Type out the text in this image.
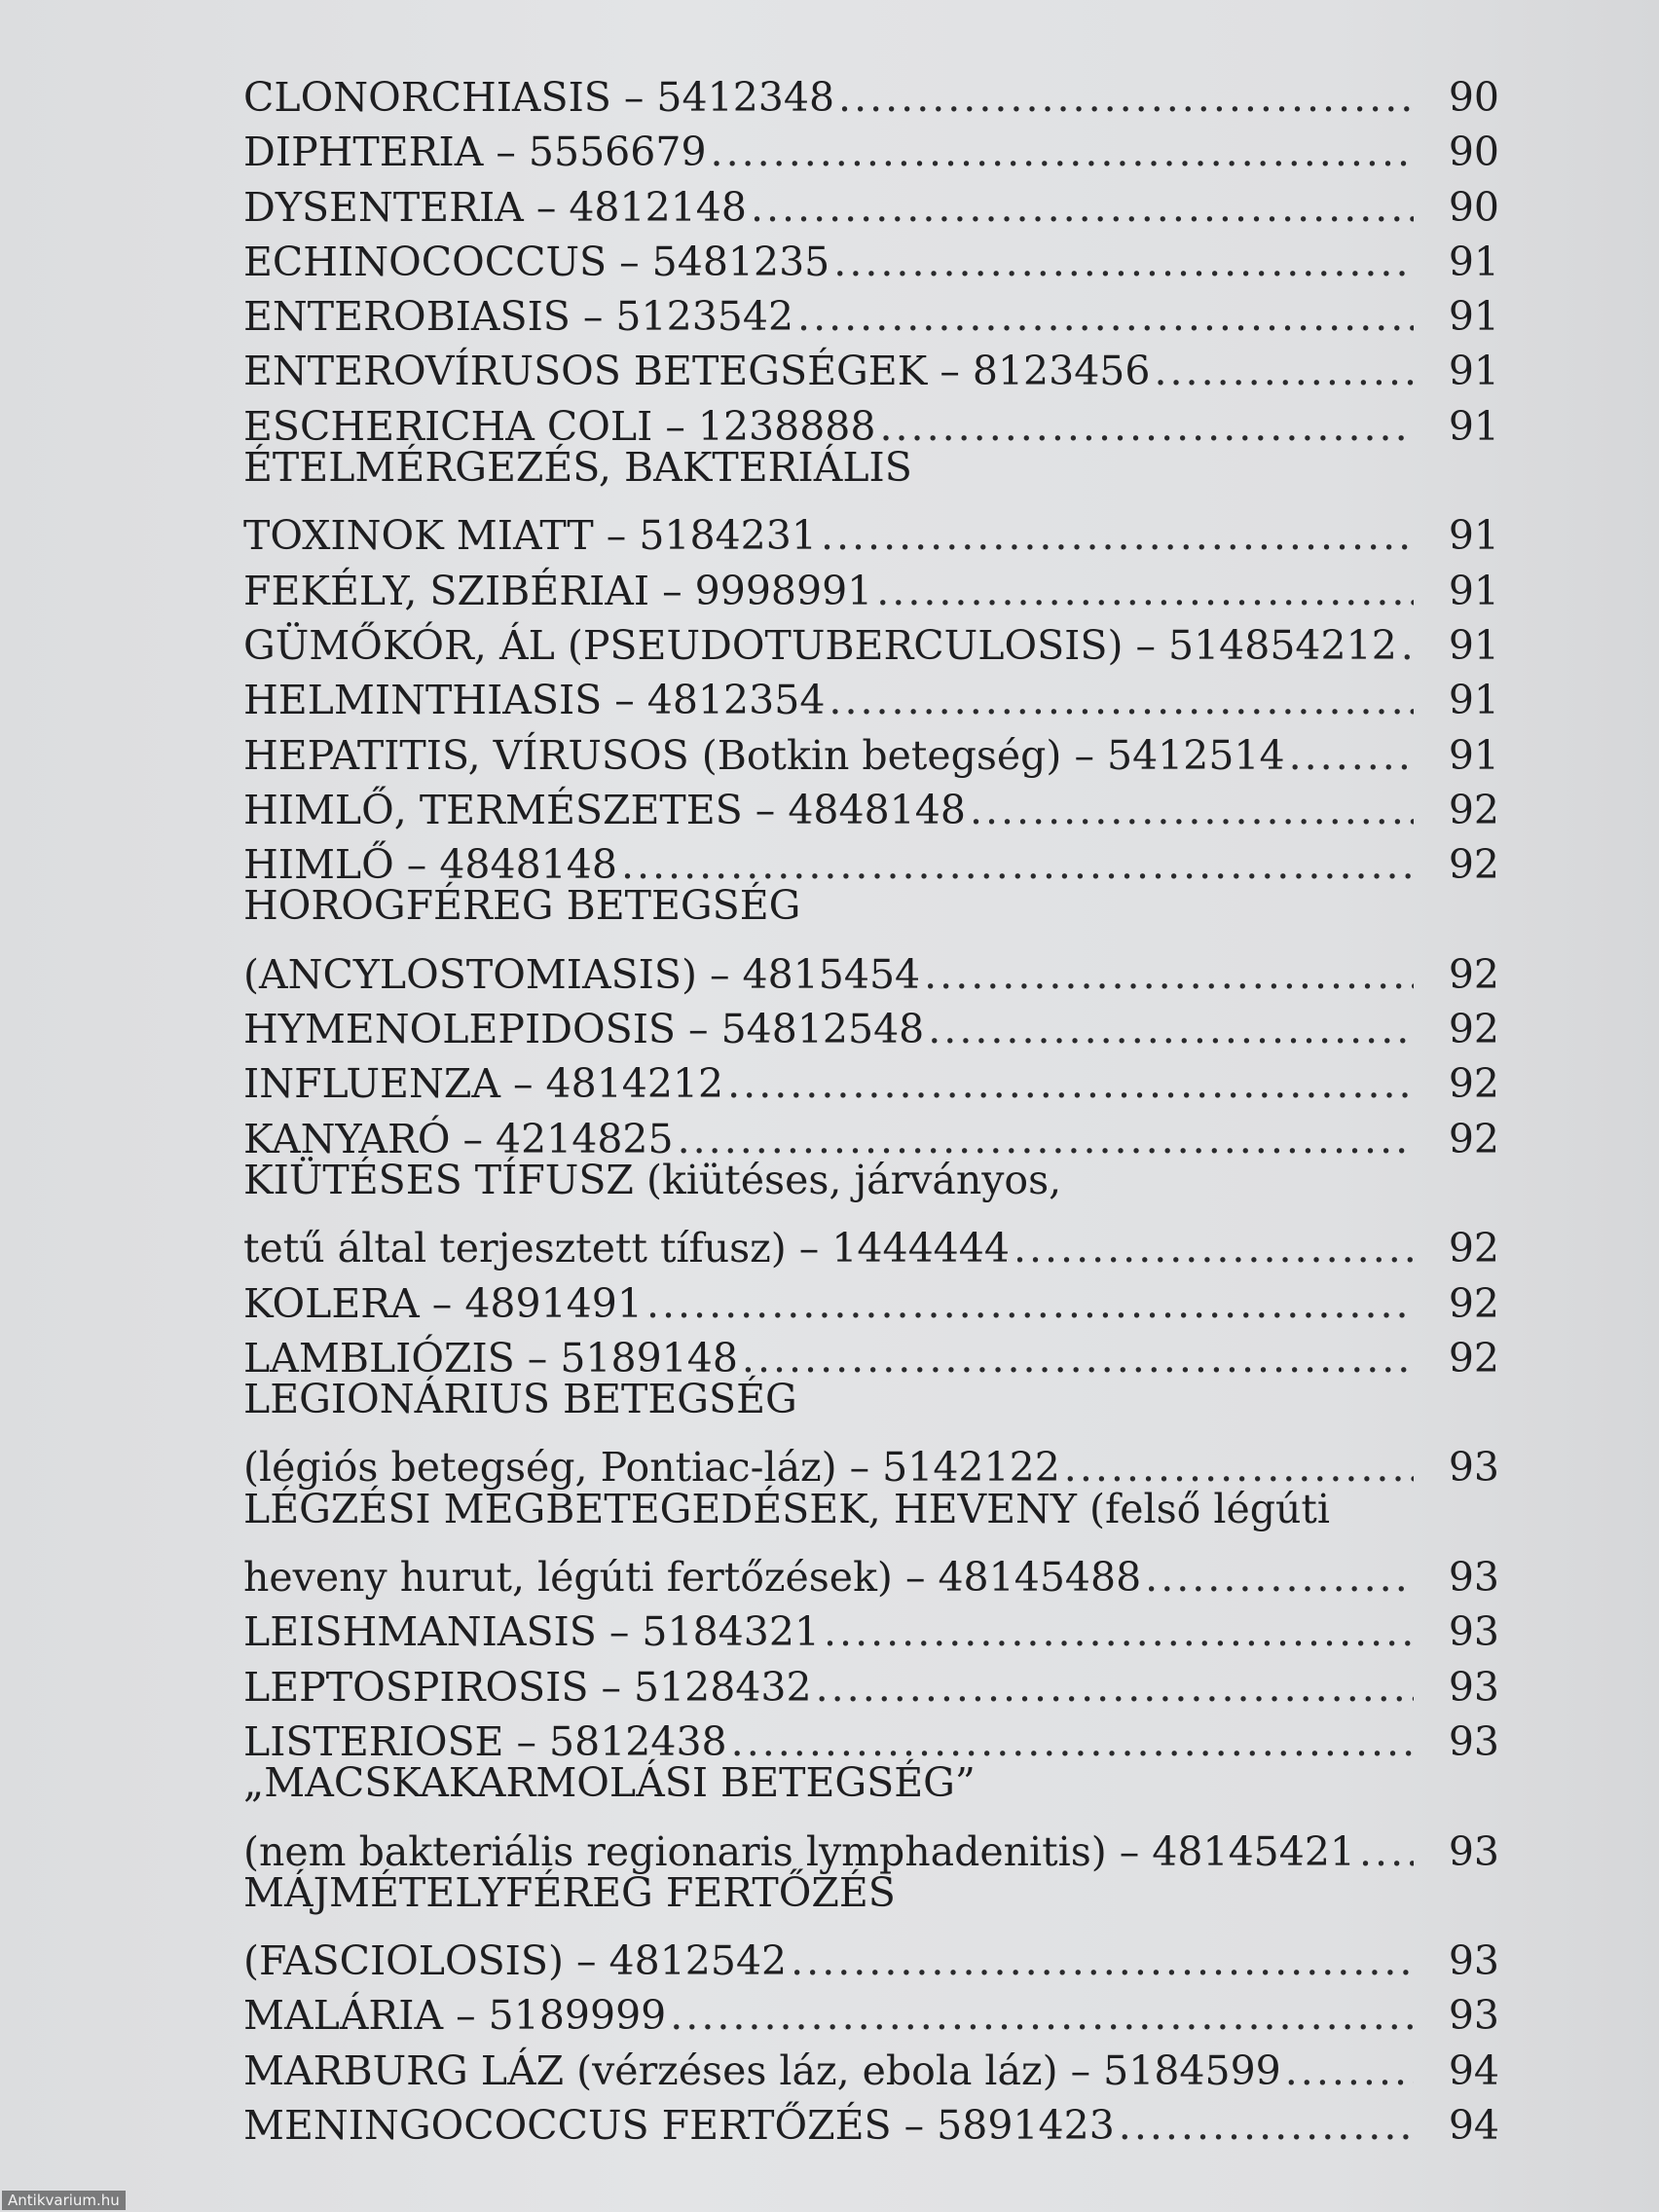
CLONORCHIASIS – 5412348 .....	90
DIPHTERIA – 5556679 .....	90
DYSENTERIA – 4812148 .....	90
ECHINOCOCCUS – 5481235 .....	91
ENTEROBIASIS – 5123542 .....	91
ENTEROVÍRUSOS BETEGSÉGEK – 8123456 .....	91
ESCHERICHA COLI – 1238888 .....	91
ÉTELMÉRGEZÉS, BAKTERIÁLIS
TOXINOK MIATT – 5184231 .....	91
FEKÉLY, SZIBÉRIAI – 9998991 .....	91
GÜMŐKÓR, ÁL (PSEUDOTUBERCULOSIS) – 514854212 .....	91
HELMINTHIASIS – 4812354 .....	91
HEPATITIS, VÍRUSOS (Botkin betegség) – 5412514 .....	91
HIMLŐ, TERMÉSZETES – 4848148 .....	92
HIMLŐ – 4848148 .....	92
HOROGFÉREG BETEGSÉG
(ANCYLOSTOMIASIS) – 4815454 .....	92
HYMENOLEPIDOSIS – 54812548 .....	92
INFLUENZA – 4814212 .....	92
KANYARÓ – 4214825 .....	92
KIÜTÉSES TÍFUSZ (kiütéses, járványos,
tetű által terjesztett tífusz) – 1444444 .....	92
KOLERA – 4891491 .....	92
LAMBLIÓZIS – 5189148 .....	92
LEGIONÁRIUS BETEGSÉG
(légiós betegség, Pontiac-láz) – 5142122 .....	93
LÉGZÉSI MEGBETEGEDÉSEK, HEVENY (felső légúti
heveny hurut, légúti fertőzések) – 48145488 .....	93
LEISHMANIASIS – 5184321 .....	93
LEPTOSPIROSIS – 5128432 .....	93
LISTERIOSE – 5812438 .....	93
„MACSKAKARMOLÁSI BETEGSÉG”
(nem bakteriális regionaris lymphadenitis) – 48145421 .....	93
MÁJMÉTELYFÉREG FERTŐZÉS
(FASCIOLOSIS) – 4812542 .....	93
MALÁRIA – 5189999 .....	93
MARBURG LÁZ (vérzéses láz, ebola láz) – 5184599 .....	94
MENINGOCOCCUS FERTŐZÉS – 5891423 .....	94
Antikvarium.hu
